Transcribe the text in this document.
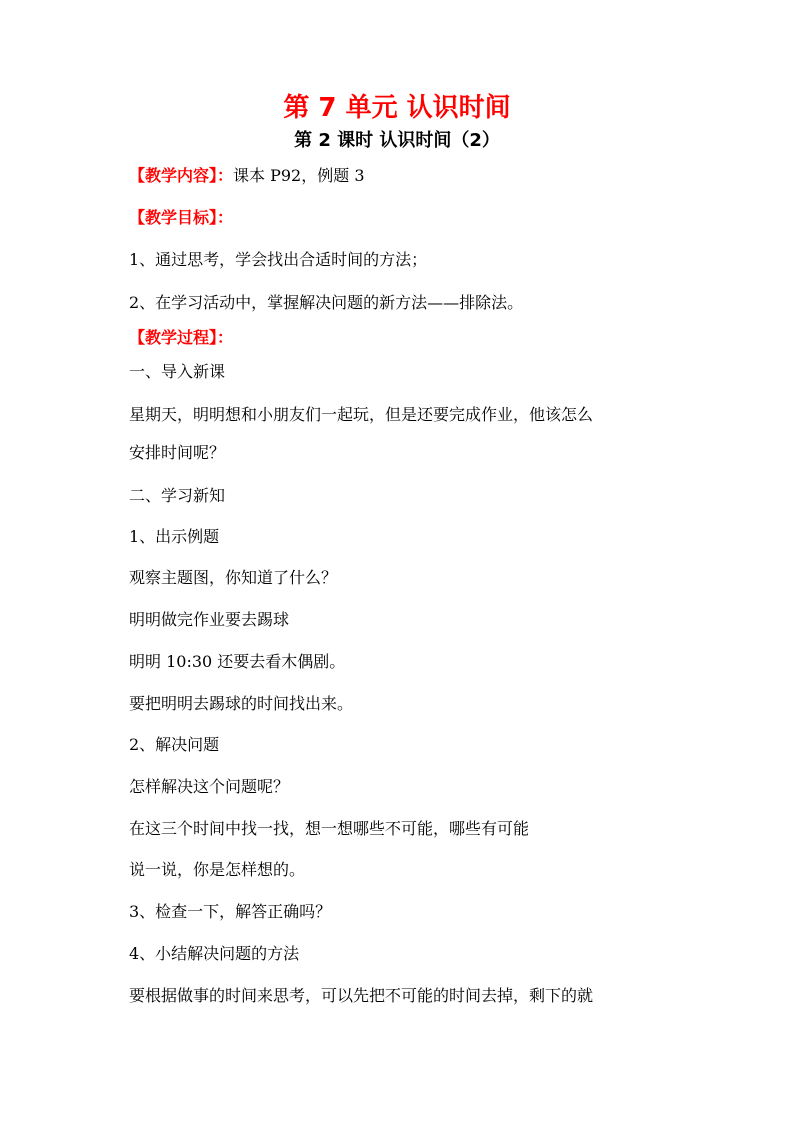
第 7 单元 认识时间
第 2 课时 认识时间（2）
【教学内容】：课本 P92，例题 3
【教学目标】：
1、通过思考，学会找出合适时间的方法；
2、在学习活动中，掌握解决问题的新方法——排除法。
【教学过程】：
一、导入新课
星期天，明明想和小朋友们一起玩，但是还要完成作业，他该怎么
安排时间呢？
二、学习新知
1、出示例题
观察主题图，你知道了什么？
明明做完作业要去踢球
明明 10:30 还要去看木偶剧。
要把明明去踢球的时间找出来。
2、解决问题
怎样解决这个问题呢？
在这三个时间中找一找，想一想哪些不可能，哪些有可能
说一说，你是怎样想的。
3、检查一下，解答正确吗？
4、小结解决问题的方法
要根据做事的时间来思考，可以先把不可能的时间去掉，剩下的就
